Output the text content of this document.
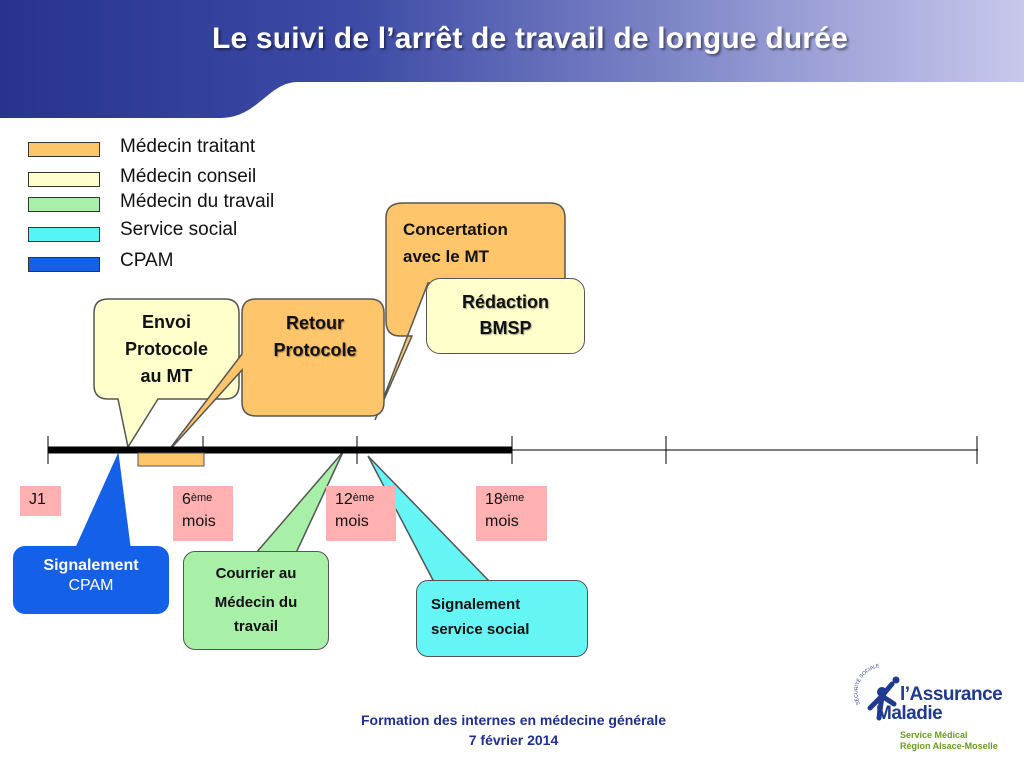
Le suivi de l’arrêt de travail de longue durée
Médecin traitant
Médecin conseil
Médecin du travail
Service social
CPAM
Envoi
Protocole
au MT
Retour
Protocole
Concertation
avec le MT
Rédaction
BMSP
J1	6ème
mois
12ème
mois
18ème
mois
Signalement
CPAM
Courrier au
Médecin du
travail
Signalement
service social
Formation des internes en médecine générale
7 février 2014
SÉCURITÉ SOCIALE
l’Assurance
Maladie
Service Médical
Région Alsace-Moselle
